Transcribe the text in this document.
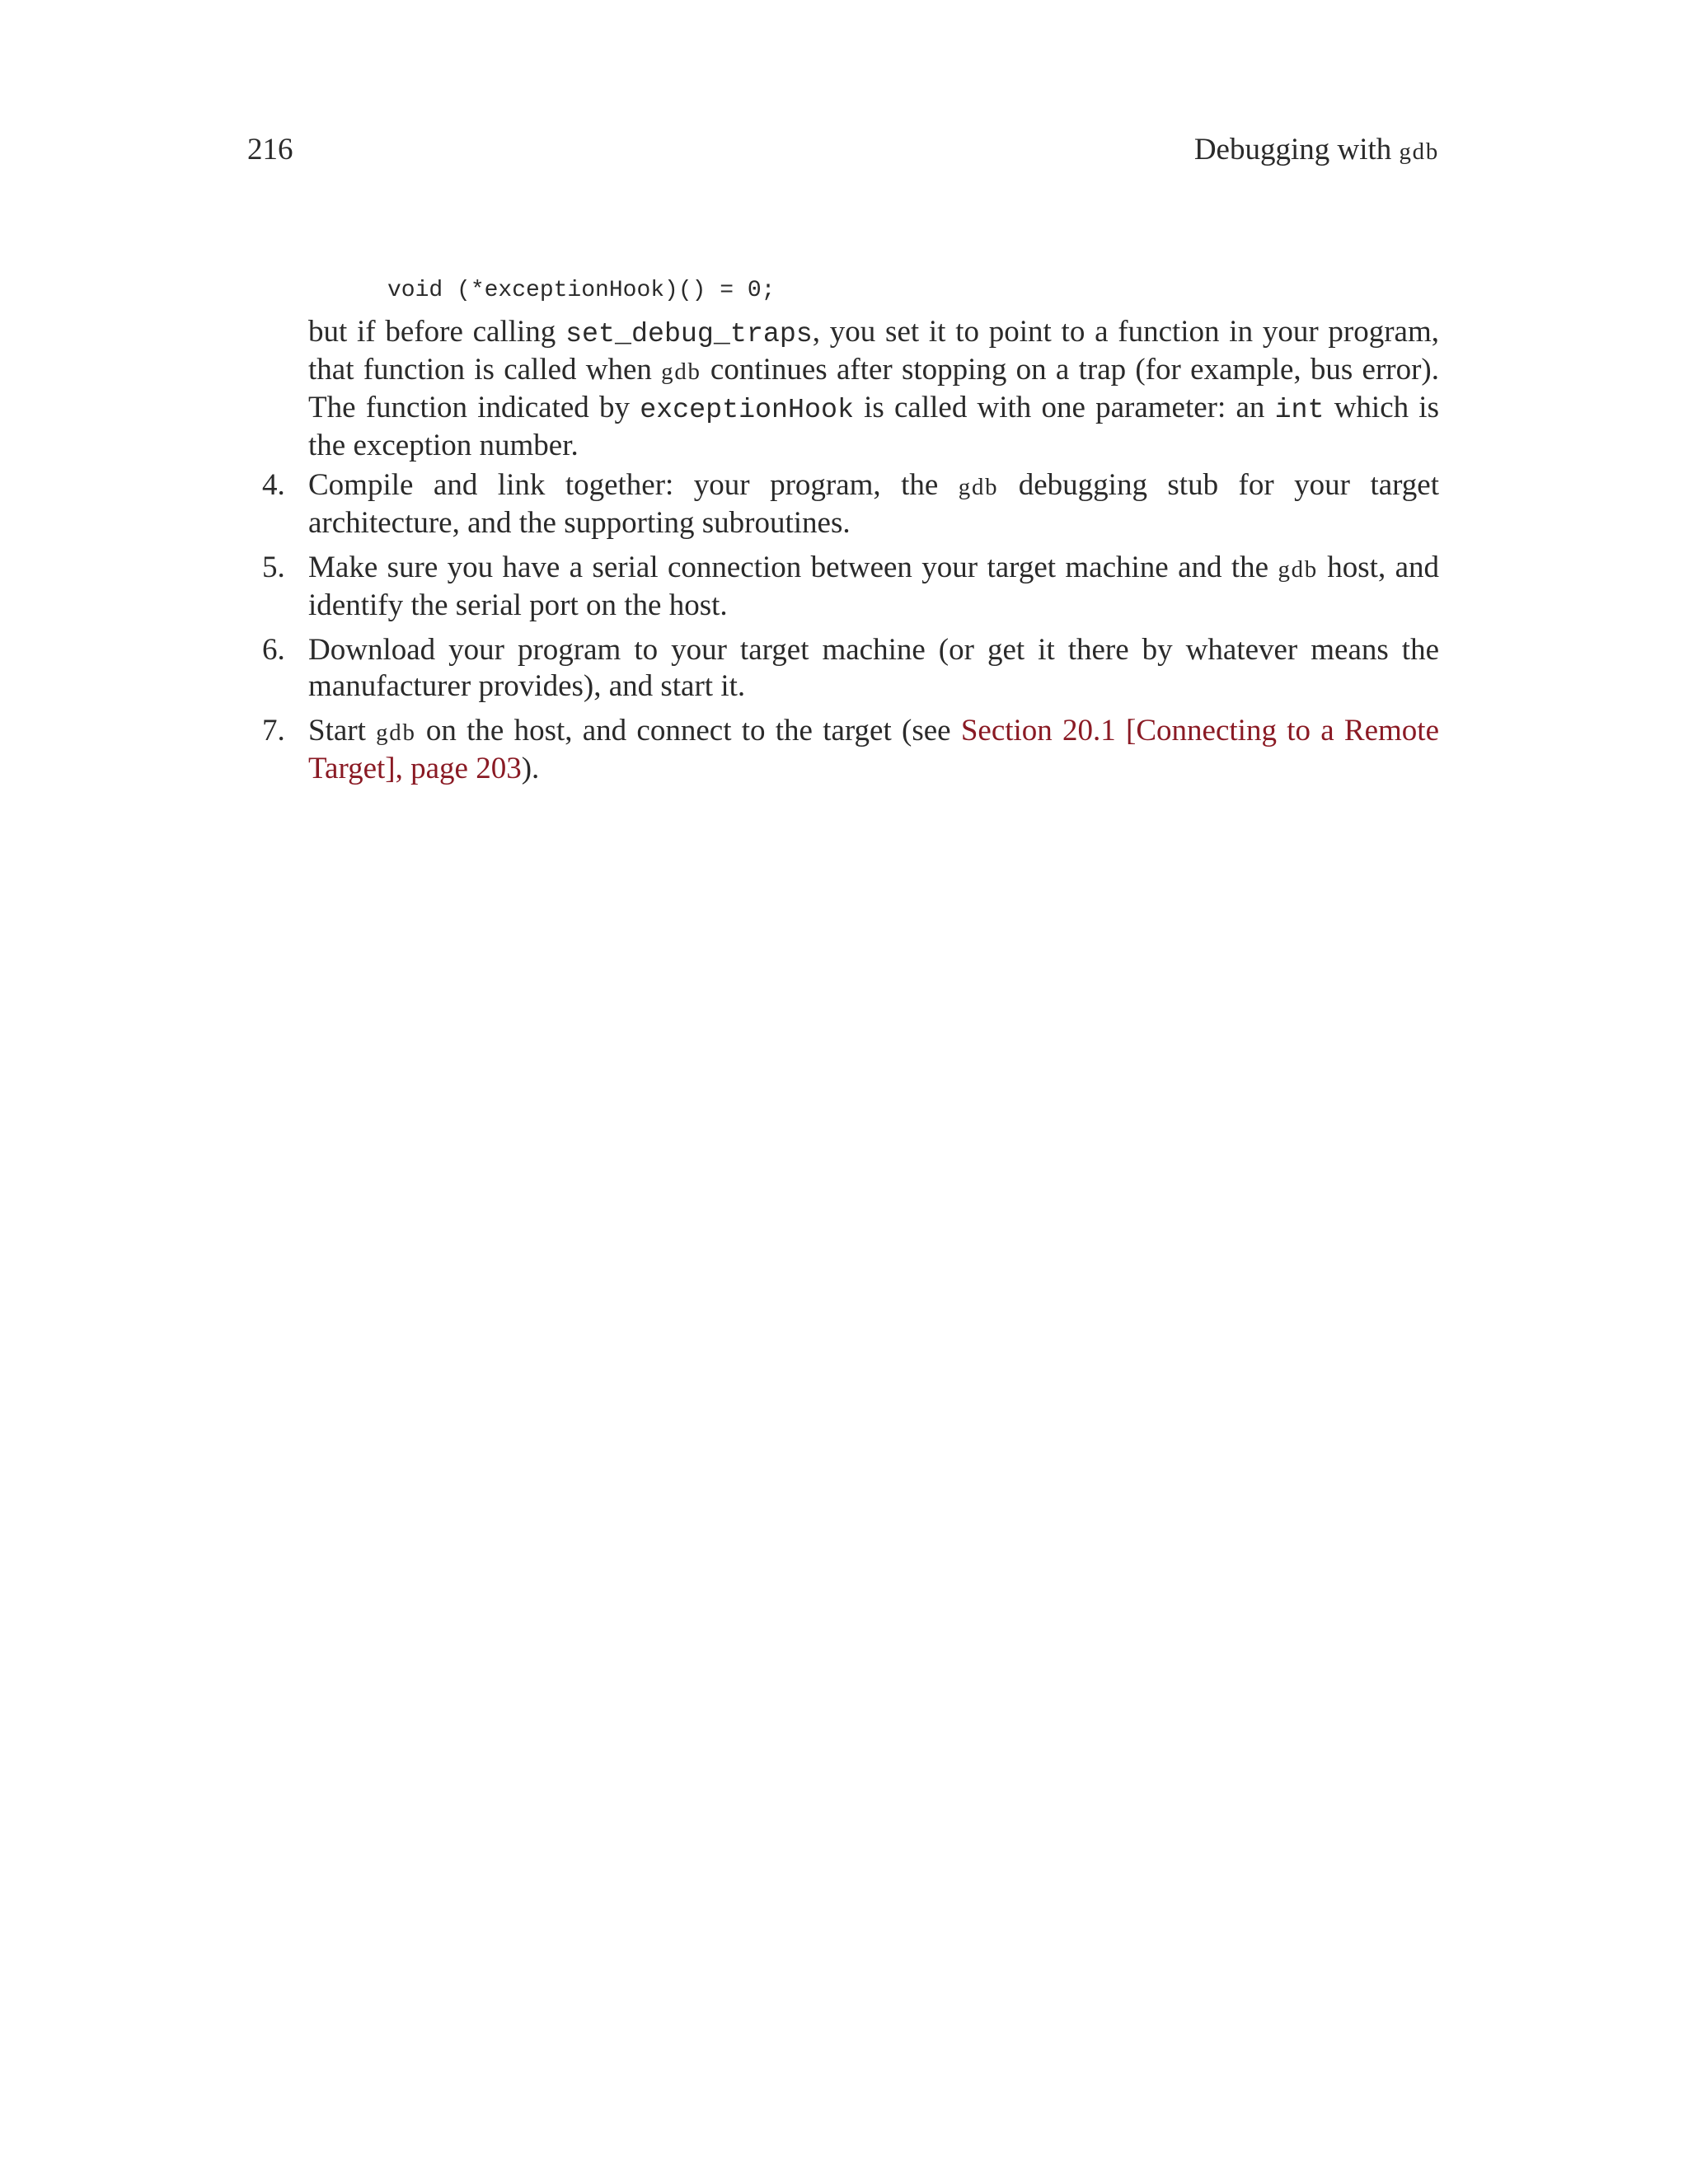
216	Debugging with gdb
void (*exceptionHook)() = 0;

but if before calling set_debug_traps, you set it to point to a function in your program, that function is called when gdb continues after stopping on a trap (for example, bus error). The function indicated by exceptionHook is called with one parameter: an int which is the exception number.

4. Compile and link together: your program, the gdb debugging stub for your target architecture, and the supporting subroutines.
5. Make sure you have a serial connection between your target machine and the gdb host, and identify the serial port on the host.
6. Download your program to your target machine (or get it there by whatever means the manufacturer provides), and start it.
7. Start gdb on the host, and connect to the target (see Section 20.1 [Connecting to a Remote Target], page 203).
